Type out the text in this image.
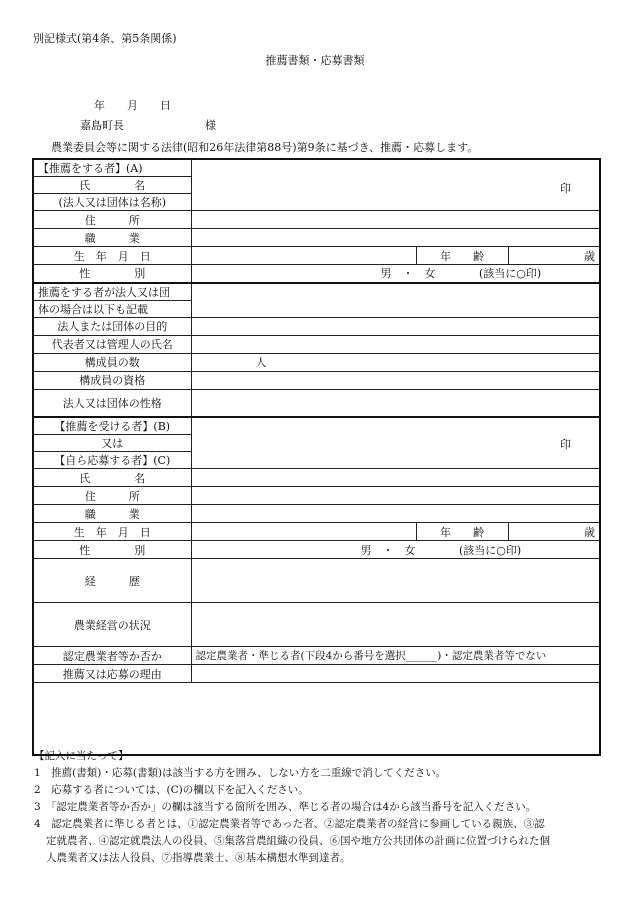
別記様式(第4条、第5条関係)
推薦書類・応募書類
年　　月　　日
嘉島町長	様
農業委員会等に関する法律(昭和26年法律第88号)第9条に基づき、推薦・応募します。
【推薦をする者】(A)	印		

氏　　　　名			
(法人又は団体は名称)			
住　　　所			
職　　　業			
生　年　月　日		年　　齢	歳
性　　　　別	男　・　女 (該当に○印)		
推薦をする者が法人又は団			
体の場合は以下も記載			
法人または団体の目的			
代表者又は管理人の氏名			
構成員の数	人		
構成員の資格			
法人又は団体の性格			
【推薦を受ける者】(B)	印		

又は			
【自ら応募する者】(C)			
氏　　　　名			
住　　　所			
職　　　業			
生　年　月　日		年　　齢	歳
性　　　　別	男　・　女 (該当に○印)		
経　　　歴			
農業経営の状況			
認定農業者等か否か	認定農業者・準じる者(下段4から番号を選択______)・認定農業者等でない		
推薦又は応募の理由			

【記入に当たって】
1　推薦(書類)・応募(書類)は該当する方を囲み、しない方を二重線で消してください。
2　応募する者については、(C)の欄以下を記入ください。
3　「認定農業者等か否か」の欄は該当する箇所を囲み、準じる者の場合は4から該当番号を記入ください。
4　認定農業者に準じる者とは、①認定農業者等であった者、②認定農業者の経営に参画している親族、③認
定就農者、④認定就農法人の役員、⑤集落営農組織の役員、⑥国や地方公共団体の計画に位置づけられた個
人農業者又は法人役員、⑦指導農業士、⑧基本構想水準到達者。
